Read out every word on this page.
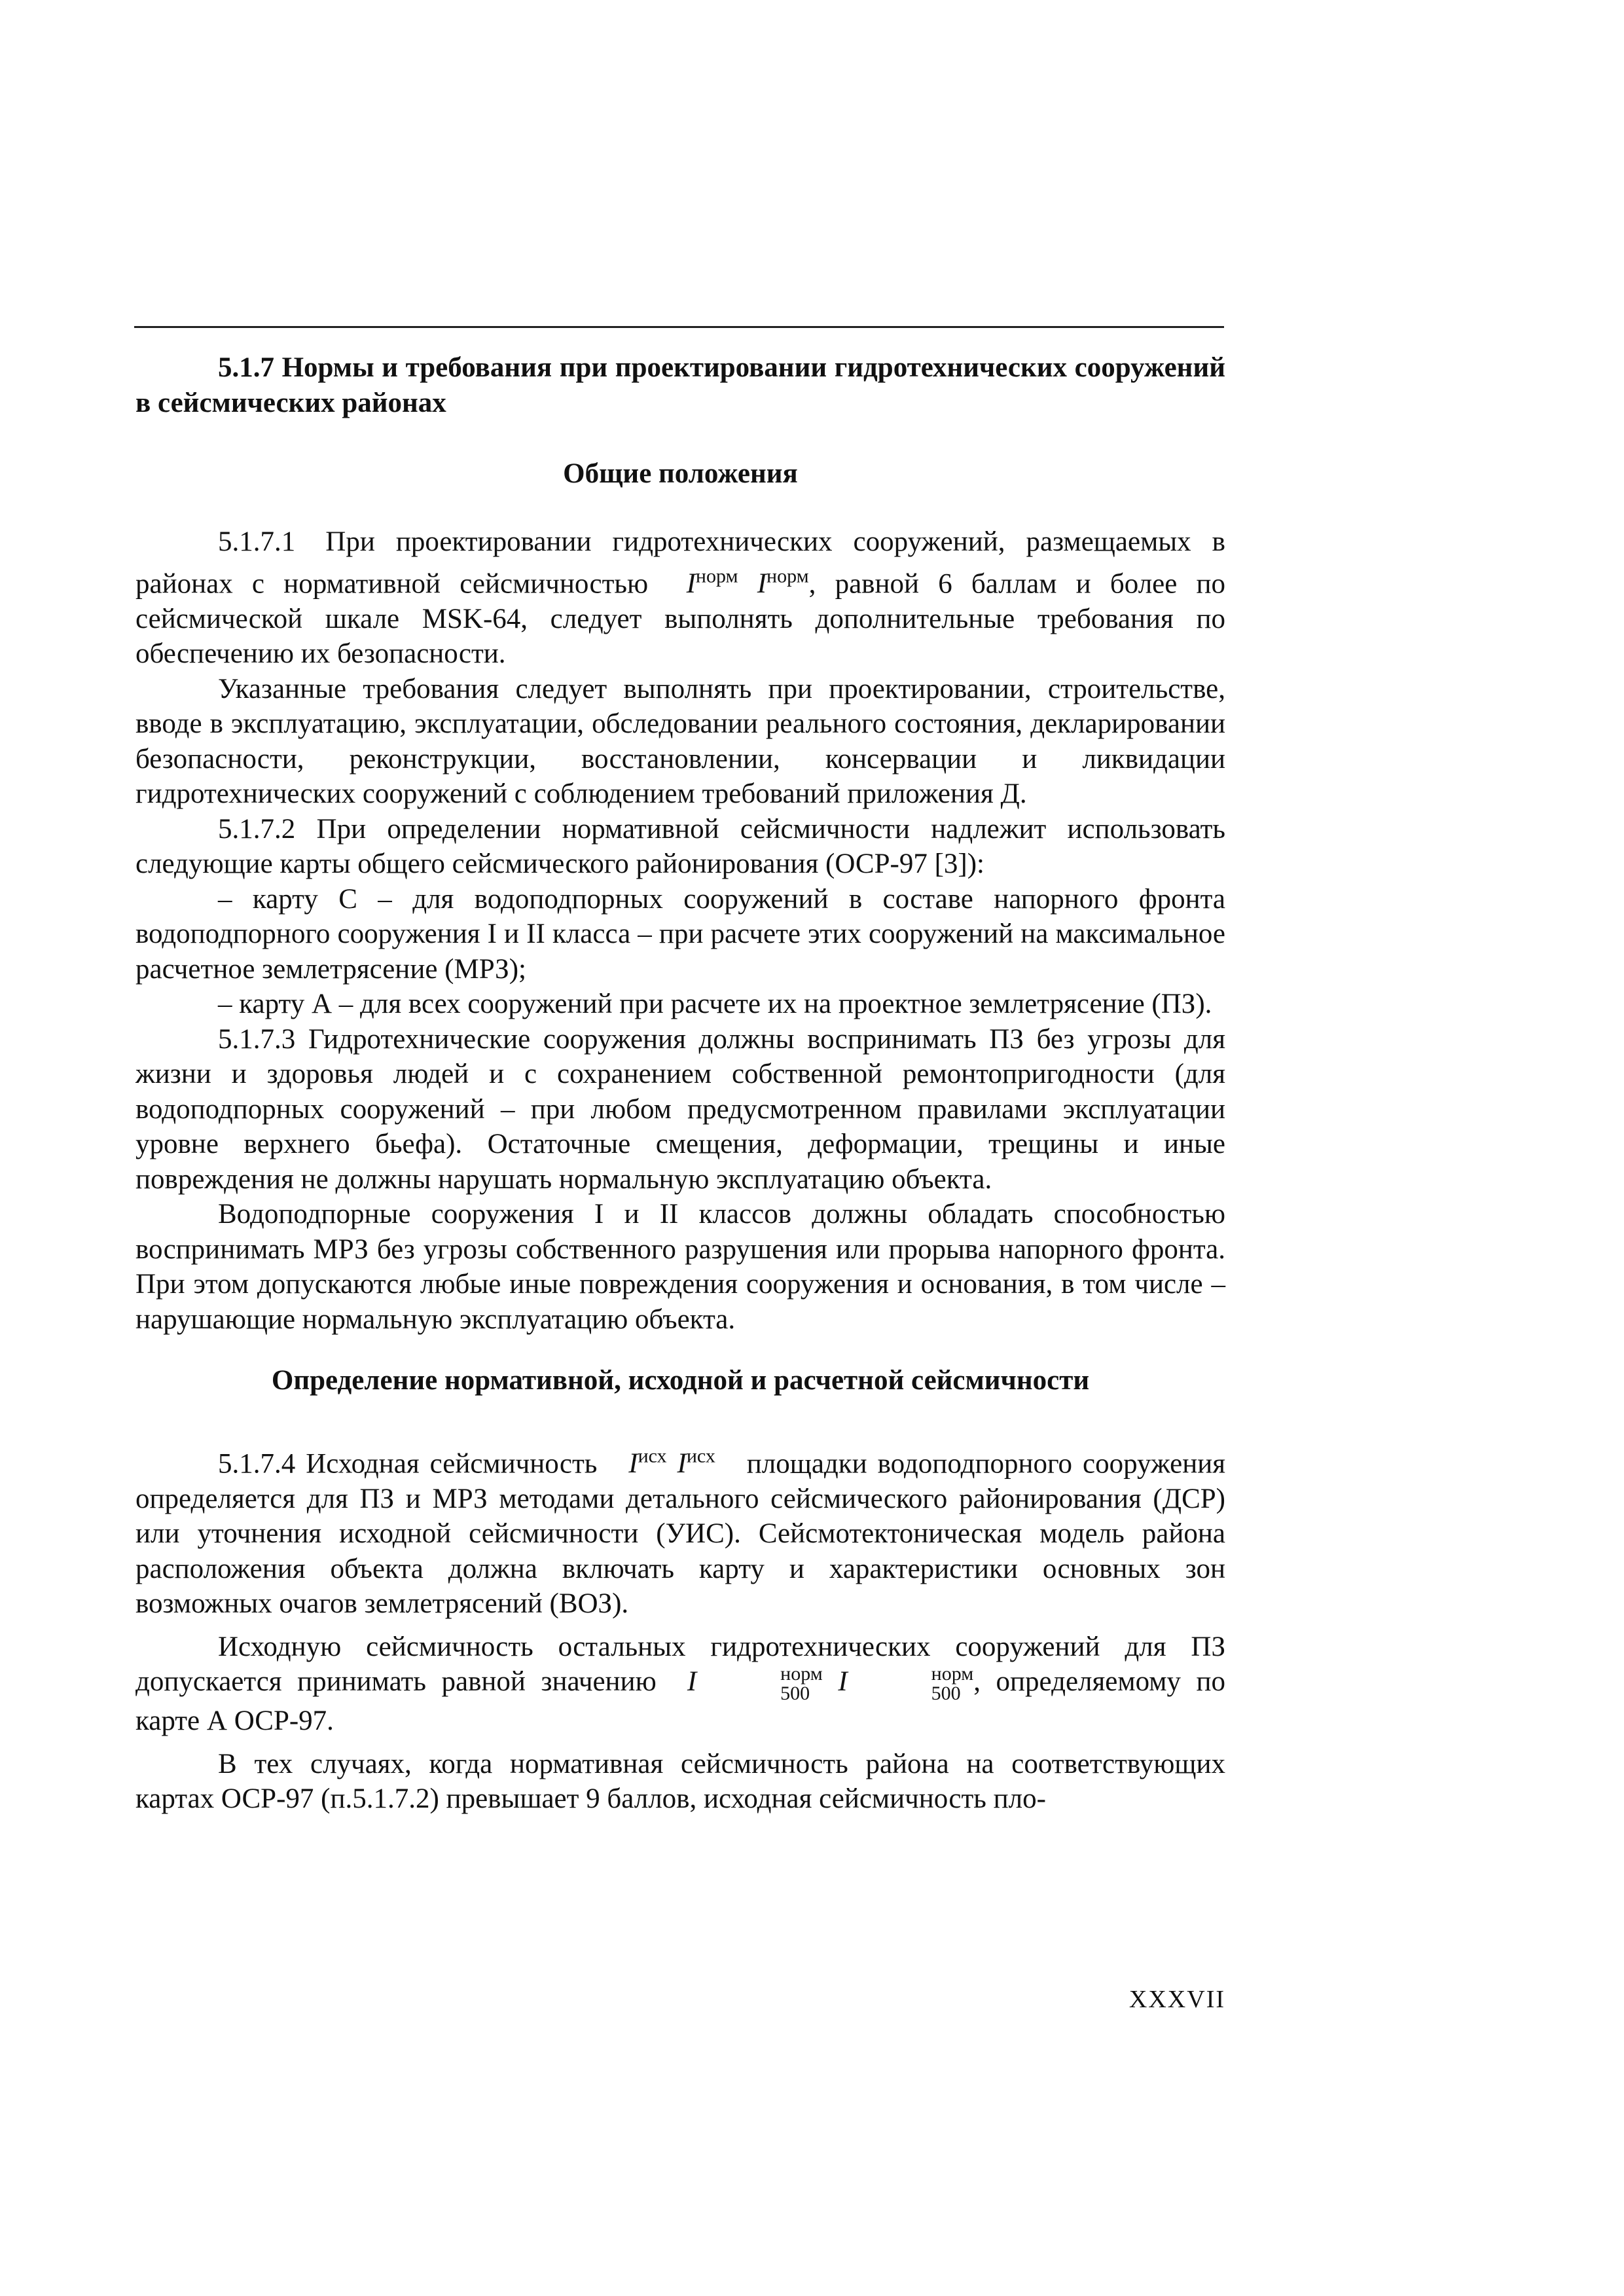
5.1.7 Нормы и требования при проектировании гидротехнических сооружений в сейсмических районах

Общие положения

5.1.7.1 При проектировании гидротехнических сооружений, размещаемых в районах с нормативной сейсмичностью $I^{норм}$ $I^{норм}$, равной 6 баллам и более по сейсмической шкале MSK-64, следует выполнять дополнительные требования по обеспечению их безопасности.

Указанные требования следует выполнять при проектировании, строительстве, вводе в эксплуатацию, эксплуатации, обследовании реального состояния, декларировании безопасности, реконструкции, восстановлении, консервации и ликвидации гидротехнических сооружений с соблюдением требований приложения Д.

5.1.7.2 При определении нормативной сейсмичности надлежит использовать следующие карты общего сейсмического районирования (ОСР-97 [3]):

– карту С – для водоподпорных сооружений в составе напорного фронта водоподпорного сооружения I и II класса – при расчете этих сооружений на максимальное расчетное землетрясение (МРЗ);

– карту А – для всех сооружений при расчете их на проектное землетрясение (ПЗ).

5.1.7.3 Гидротехнические сооружения должны воспринимать ПЗ без угрозы для жизни и здоровья людей и с сохранением собственной ремонтопригодности (для водоподпорных сооружений – при любом предусмотренном правилами эксплуатации уровне верхнего бьефа). Остаточные смещения, деформации, трещины и иные повреждения не должны нарушать нормальную эксплуатацию объекта.

Водоподпорные сооружения I и II классов должны обладать способностью воспринимать МРЗ без угрозы собственного разрушения или прорыва напорного фронта. При этом допускаются любые иные повреждения сооружения и основания, в том числе – нарушающие нормальную эксплуатацию объекта.

Определение нормативной, исходной и расчетной сейсмичности

5.1.7.4 Исходная сейсмичность $I^{исх}$ $I^{исх}$ площадки водоподпорного сооружения определяется для ПЗ и МРЗ методами детального сейсмического районирования (ДСР) или уточнения исходной сейсмичности (УИС). Сейсмотектоническая модель района расположения объекта должна включать карту и характеристики основных зон возможных очагов землетрясений (ВОЗ).

Исходную сейсмичность остальных гидротехнических сооружений для ПЗ допускается принимать равной значению I	норм
500	I	норм
500 , определяемому по карте А ОСР-97.

В тех случаях, когда нормативная сейсмичность района на соответствующих картах ОСР-97 (п.5.1.7.2) превышает 9 баллов, исходная сейсмичность пло-

XXXVII
